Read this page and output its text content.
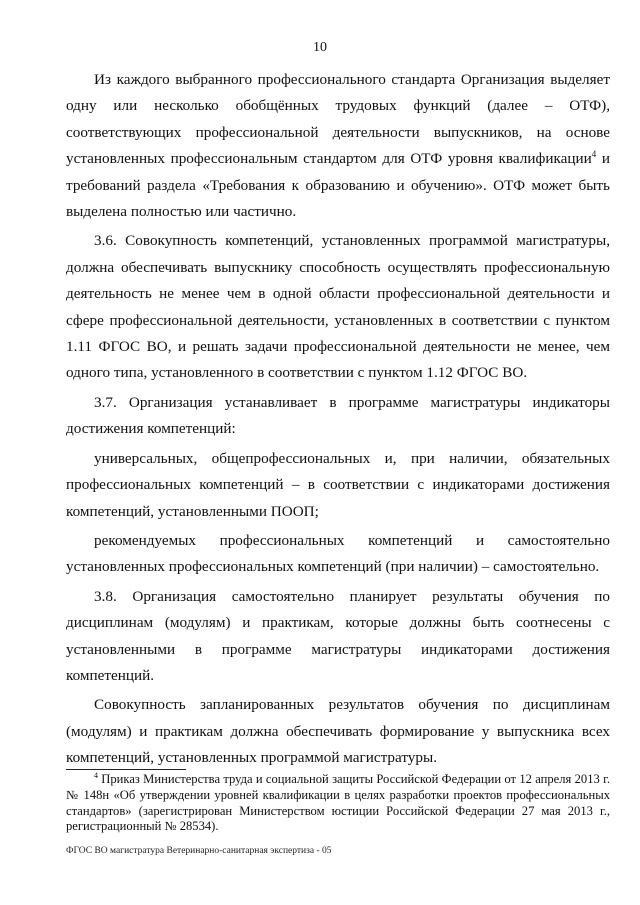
10

Из каждого выбранного профессионального стандарта Организация выделяет одну или несколько обобщённых трудовых функций (далее – ОТФ), соответствующих профессиональной деятельности выпускников, на основе установленных профессиональным стандартом для ОТФ уровня квалификации$^4$ и требований раздела «Требования к образованию и обучению». ОТФ может быть выделена полностью или частично.

3.6. Совокупность компетенций, установленных программой магистратуры, должна обеспечивать выпускнику способность осуществлять профессиональную деятельность не менее чем в одной области профессиональной деятельности и сфере профессиональной деятельности, установленных в соответствии с пунктом 1.11 ФГОС ВО, и решать задачи профессиональной деятельности не менее, чем одного типа, установленного в соответствии с пунктом 1.12 ФГОС ВО.

3.7. Организация устанавливает в программе магистратуры индикаторы достижения компетенций:

универсальных, общепрофессиональных и, при наличии, обязательных профессиональных компетенций – в соответствии с индикаторами достижения компетенций, установленными ПООП;

рекомендуемых профессиональных компетенций и самостоятельно установленных профессиональных компетенций (при наличии) – самостоятельно.

3.8. Организация самостоятельно планирует результаты обучения по дисциплинам (модулям) и практикам, которые должны быть соотнесены с установленными в программе магистратуры индикаторами достижения компетенций.

Совокупность запланированных результатов обучения по дисциплинам (модулям) и практикам должна обеспечивать формирование у выпускника всех компетенций, установленных программой магистратуры.

$^4$ Приказ Министерства труда и социальной защиты Российской Федерации от 12 апреля 2013 г. № 148н «Об утверждении уровней квалификации в целях разработки проектов профессиональных стандартов» (зарегистрирован Министерством юстиции Российской Федерации 27 мая 2013 г., регистрационный № 28534).

ФГОС ВО магистратура Ветеринарно-санитарная экспертиза - 05
